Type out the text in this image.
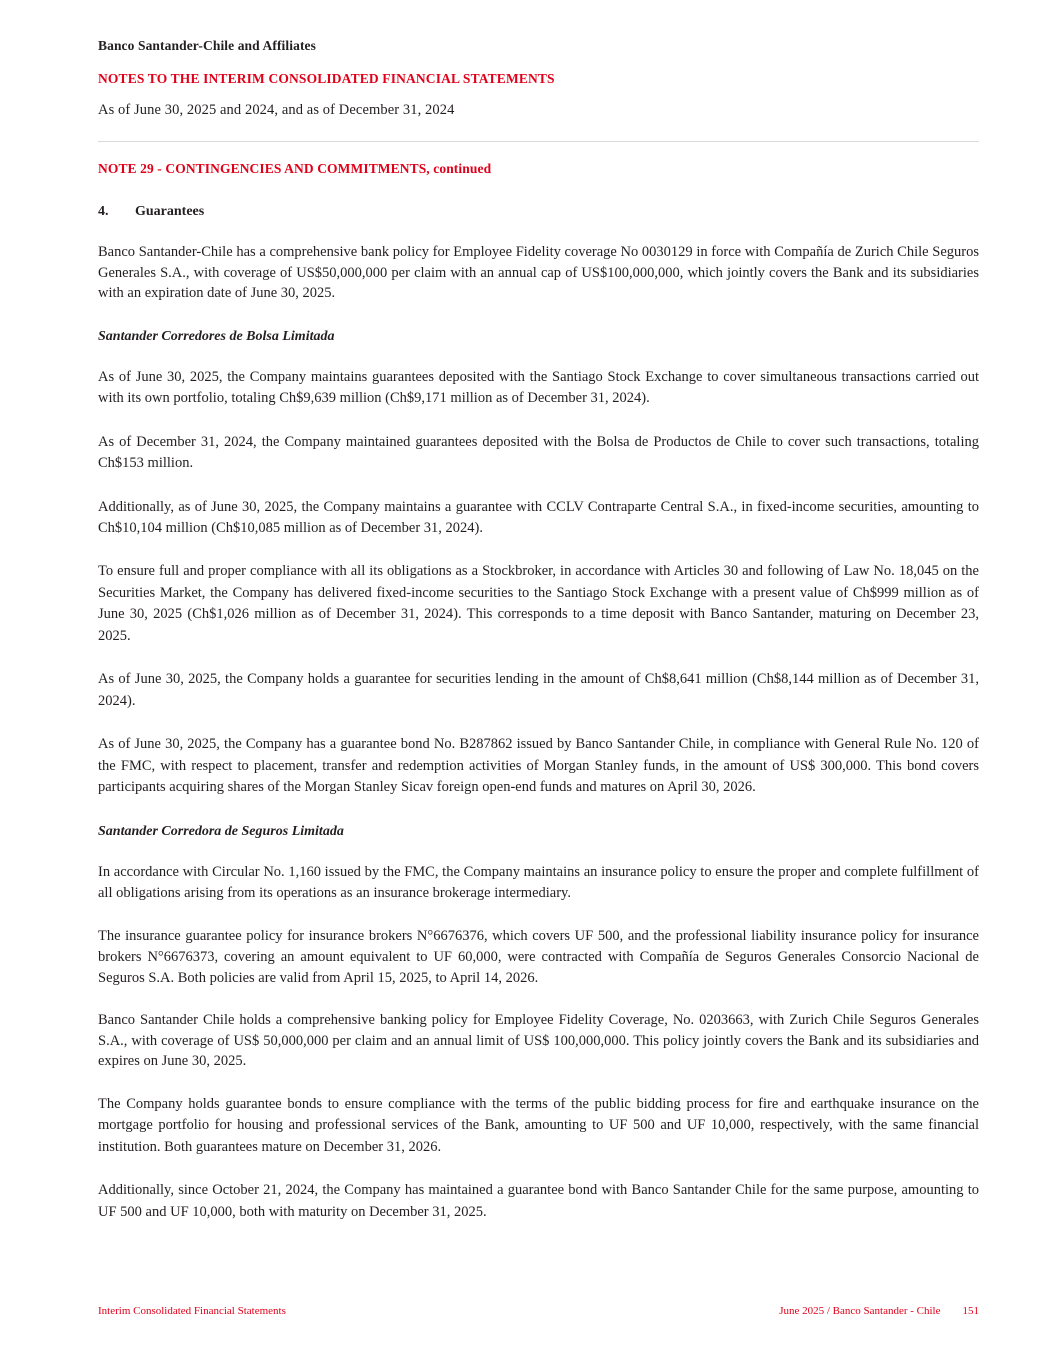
Banco Santander-Chile and Affiliates
NOTES TO THE INTERIM CONSOLIDATED FINANCIAL STATEMENTS
As of June 30, 2025 and 2024, and as of December 31, 2024
NOTE 29 - CONTINGENCIES AND COMMITMENTS, continued
4.	Guarantees

Banco Santander-Chile has a comprehensive bank policy for Employee Fidelity coverage No 0030129 in force with Compañía de Zurich Chile Seguros Generales S.A., with coverage of US$50,000,000 per claim with an annual cap of US$100,000,000, which jointly covers the Bank and its subsidiaries with an expiration date of June 30, 2025.

Santander Corredores de Bolsa Limitada

As of June 30, 2025, the Company maintains guarantees deposited with the Santiago Stock Exchange to cover simultaneous transactions carried out with its own portfolio, totaling Ch$9,639 million (Ch$9,171 million as of December 31, 2024).

As of December 31, 2024, the Company maintained guarantees deposited with the Bolsa de Productos de Chile to cover such transactions, totaling Ch$153 million.

Additionally, as of June 30, 2025, the Company maintains a guarantee with CCLV Contraparte Central S.A., in fixed-income securities, amounting to Ch$10,104 million (Ch$10,085 million as of December 31, 2024).

To ensure full and proper compliance with all its obligations as a Stockbroker, in accordance with Articles 30 and following of Law No. 18,045 on the Securities Market, the Company has delivered fixed-income securities to the Santiago Stock Exchange with a present value of Ch$999 million as of June 30, 2025 (Ch$1,026 million as of December 31, 2024). This corresponds to a time deposit with Banco Santander, maturing on December 23, 2025.

As of June 30, 2025, the Company holds a guarantee for securities lending in the amount of Ch$8,641 million (Ch$8,144 million as of December 31, 2024).

As of June 30, 2025, the Company has a guarantee bond No. B287862 issued by Banco Santander Chile, in compliance with General Rule No. 120 of the FMC, with respect to placement, transfer and redemption activities of Morgan Stanley funds, in the amount of US$ 300,000. This bond covers participants acquiring shares of the Morgan Stanley Sicav foreign open-end funds and matures on April 30, 2026.

Santander Corredora de Seguros Limitada

In accordance with Circular No. 1,160 issued by the FMC, the Company maintains an insurance policy to ensure the proper and complete fulfillment of all obligations arising from its operations as an insurance brokerage intermediary.

The insurance guarantee policy for insurance brokers N°6676376, which covers UF 500, and the professional liability insurance policy for insurance brokers N°6676373, covering an amount equivalent to UF 60,000, were contracted with Compañía de Seguros Generales Consorcio Nacional de Seguros S.A. Both policies are valid from April 15, 2025, to April 14, 2026.

Banco Santander Chile holds a comprehensive banking policy for Employee Fidelity Coverage, No. 0203663, with Zurich Chile Seguros Generales S.A., with coverage of US$ 50,000,000 per claim and an annual limit of US$ 100,000,000. This policy jointly covers the Bank and its subsidiaries and expires on June 30, 2025.

The Company holds guarantee bonds to ensure compliance with the terms of the public bidding process for fire and earthquake insurance on the mortgage portfolio for housing and professional services of the Bank, amounting to UF 500 and UF 10,000, respectively, with the same financial institution. Both guarantees mature on December 31, 2026.

Additionally, since October 21, 2024, the Company has maintained a guarantee bond with Banco Santander Chile for the same purpose, amounting to UF 500 and UF 10,000, both with maturity on December 31, 2025.

Interim Consolidated Financial Statements	June 2025 / Banco Santander - Chile 151
